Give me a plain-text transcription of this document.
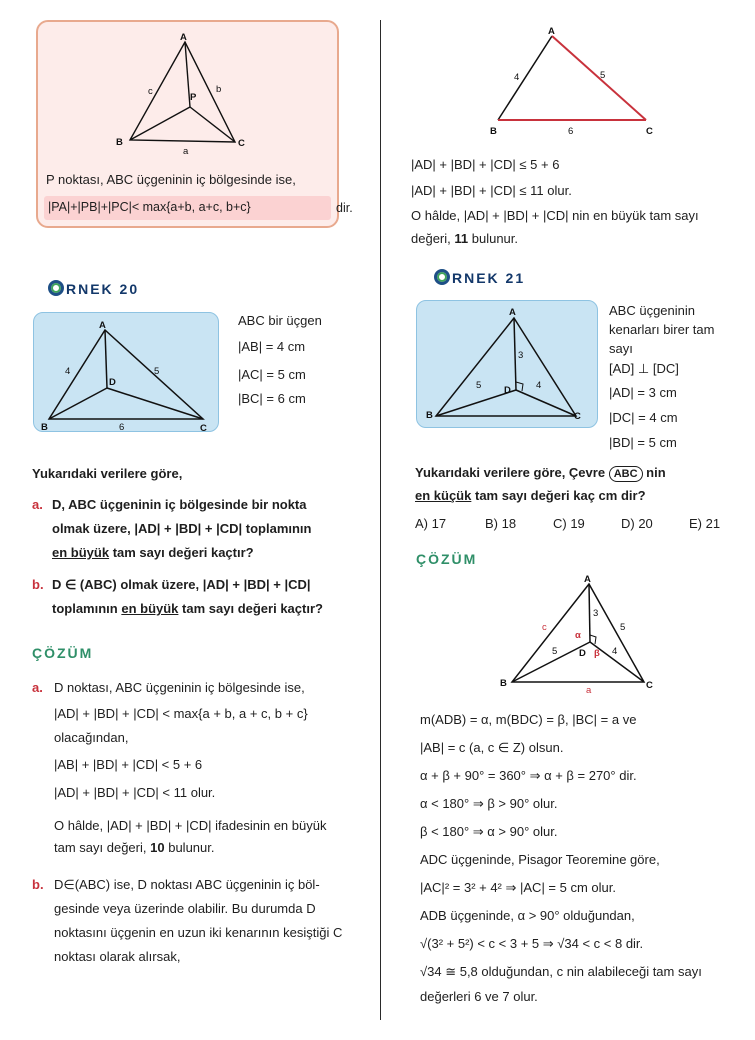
A
B	C
P
a
b
c
P noktası, ABC üçgeninin iç bölgesinde ise,
|PA|+|PB|+|PC|< max{a+b, a+c, b+c}	dir.
RNEK 20
A
B	C
D
4	5
6
ABC bir üçgen
|AB| = 4 cm
|AC| = 5 cm
|BC| = 6 cm
Yukarıdaki verilere göre,
a. D, ABC üçgeninin iç bölgesinde bir nokta
olmak üzere, |AD| + |BD| + |CD| toplamının
en büyük tam sayı değeri kaçtır?
b. D ∈ (ABC) olmak üzere, |AD| + |BD| + |CD|
toplamının en büyük tam sayı değeri kaçtır?
ÇÖZÜM
a. D noktası, ABC üçgeninin iç bölgesinde ise,
|AD| + |BD| + |CD| < max{a + b, a + c, b + c}
olacağından,
|AB| + |BD| + |CD| < 5 + 6
|AD| + |BD| + |CD| < 11 olur.
O hâlde, |AD| + |BD| + |CD| ifadesinin en büyük
tam sayı değeri, 10 bulunur.
b. D∈(ABC) ise, D noktası ABC üçgeninin iç böl-
gesinde veya üzerinde olabilir. Bu durumda D
noktasını üçgenin en uzun iki kenarının kesiştiği C
noktası olarak alırsak,
A
B	C
4	5
6
|AD| + |BD| + |CD| ≤ 5 + 6
|AD| + |BD| + |CD| ≤ 11 olur.
O hâlde, |AD| + |BD| + |CD| nin en büyük tam sayı
değeri, 11 bulunur.
RNEK 21
A
B	C
D
3
5	4
ABC üçgeninin
kenarları birer tam
sayı
[AD] ⊥ [DC]
|AD| = 3 cm
|DC| = 4 cm
|BD| = 5 cm
Yukarıdaki verilere göre, Çevre ABC nin
en küçük tam sayı değeri kaç cm dir?
A) 17	B) 18	C) 19	D) 20	E) 21
ÇÖZÜM
A
B	C
D
a
c
3
5	4
5
α
β
m(ADB) = α, m(BDC) = β, |BC| = a ve
|AB| = c (a, c ∈ Z) olsun.
α + β + 90° = 360° ⇒ α + β = 270° dir.
α < 180° ⇒ β > 90° olur.
β < 180° ⇒ α > 90° olur.
ADC üçgeninde, Pisagor Teoremine göre,
|AC|² = 3² + 4² ⇒ |AC| = 5 cm olur.
ADB üçgeninde, α > 90° olduğundan,
√(3² + 5²) < c < 3 + 5 ⇒ √34 < c < 8 dir.
√34 ≅ 5,8 olduğundan, c nin alabileceği tam sayı
değerleri 6 ve 7 olur.
